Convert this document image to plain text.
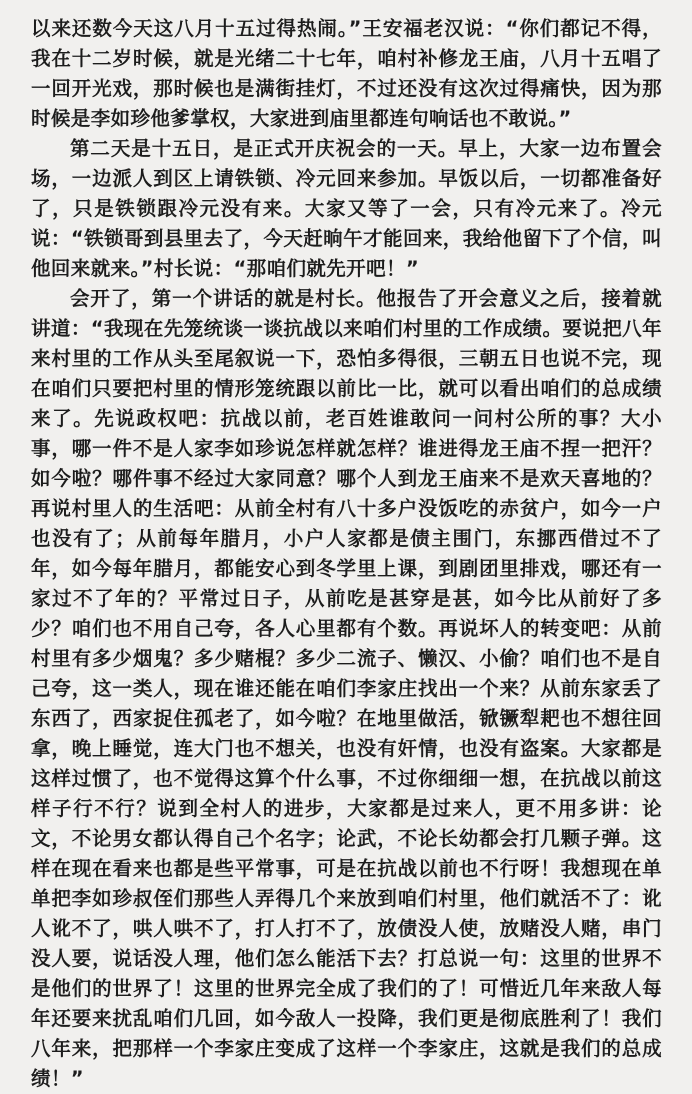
以来还数今天这八月十五过得热闹。”王安福老汉说：“你们都记不得，我在十二岁时候，就是光绪二十七年，咱村补修龙王庙，八月十五唱了一回开光戏，那时候也是满街挂灯，不过还没有这次过得痛快，因为那时候是李如珍他爹掌权，大家进到庙里都连句响话也不敢说。”

第二天是十五日，是正式开庆祝会的一天。早上，大家一边布置会场，一边派人到区上请铁锁、冷元回来参加。早饭以后，一切都准备好了，只是铁锁跟冷元没有来。大家又等了一会，只有冷元来了。冷元说：“铁锁哥到县里去了，今天赶晌午才能回来，我给他留下了个信，叫他回来就来。”村长说：“那咱们就先开吧！”

会开了，第一个讲话的就是村长。他报告了开会意义之后，接着就讲道：“我现在先笼统谈一谈抗战以来咱们村里的工作成绩。要说把八年来村里的工作从头至尾叙说一下，恐怕多得很，三朝五日也说不完，现在咱们只要把村里的情形笼统跟以前比一比，就可以看出咱们的总成绩来了。先说政权吧：抗战以前，老百姓谁敢问一问村公所的事？大小事，哪一件不是人家李如珍说怎样就怎样？谁进得龙王庙不捏一把汗？如今啦？哪件事不经过大家同意？哪个人到龙王庙来不是欢天喜地的？再说村里人的生活吧：从前全村有八十多户没饭吃的赤贫户，如今一户也没有了；从前每年腊月，小户人家都是债主围门，东挪西借过不了年，如今每年腊月，都能安心到冬学里上课，到剧团里排戏，哪还有一家过不了年的？平常过日子，从前吃是甚穿是甚，如今比从前好了多少？咱们也不用自己夸，各人心里都有个数。再说坏人的转变吧：从前村里有多少烟鬼？多少赌棍？多少二流子、懒汉、小偷？咱们也不是自己夸，这一类人，现在谁还能在咱们李家庄找出一个来？从前东家丢了东西了，西家捉住孤老了，如今啦？在地里做活，锨镢犁耙也不想往回拿，晚上睡觉，连大门也不想关，也没有奸情，也没有盗案。大家都是这样过惯了，也不觉得这算个什么事，不过你细细一想，在抗战以前这样子行不行？说到全村人的进步，大家都是过来人，更不用多讲：论文，不论男女都认得自己个名字；论武，不论长幼都会打几颗子弹。这样在现在看来也都是些平常事，可是在抗战以前也不行呀！我想现在单单把李如珍叔侄们那些人弄得几个来放到咱们村里，他们就活不了：讹人讹不了，哄人哄不了，打人打不了，放债没人使，放赌没人赌，串门没人要，说话没人理，他们怎么能活下去？打总说一句：这里的世界不是他们的世界了！这里的世界完全成了我们的了！可惜近几年来敌人每年还要来扰乱咱们几回，如今敌人一投降，我们更是彻底胜利了！我们八年来，把那样一个李家庄变成了这样一个李家庄，这就是我们的总成绩！”
